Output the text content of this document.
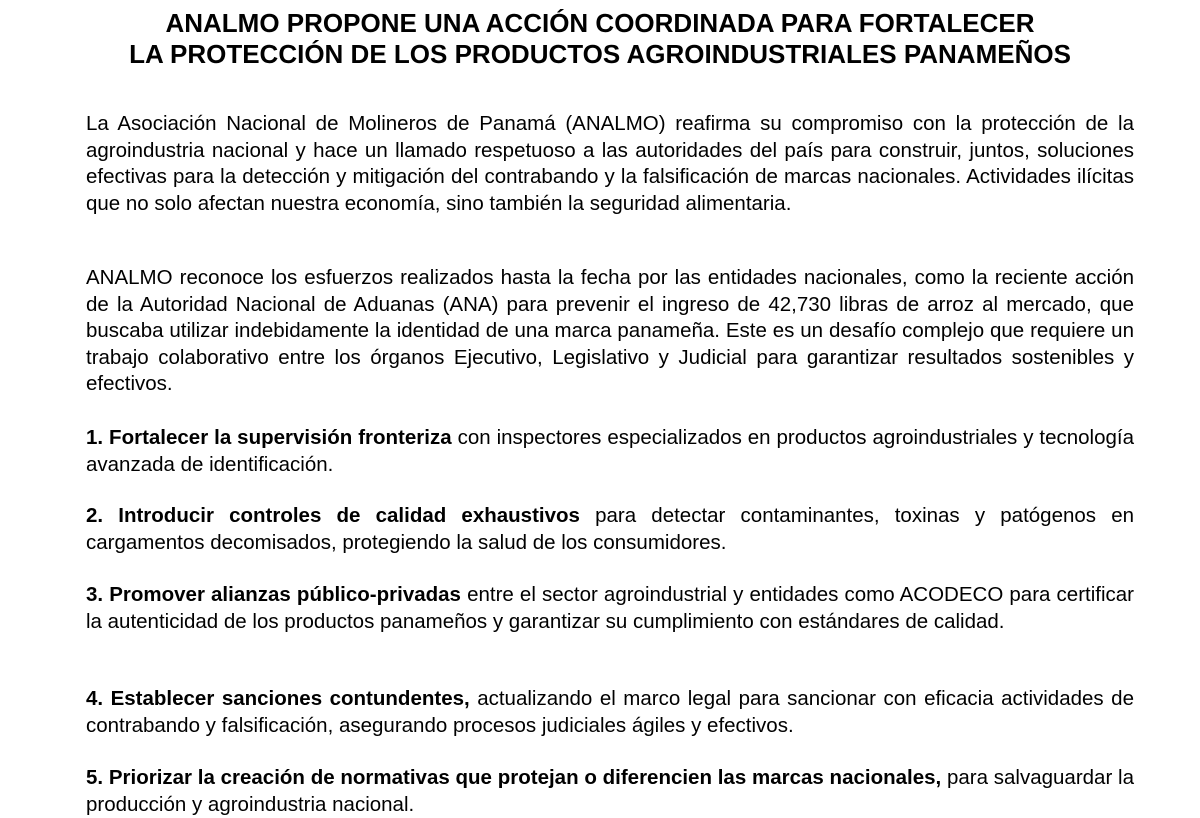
ANALMO PROPONE UNA ACCIÓN COORDINADA PARA FORTALECER
LA PROTECCIÓN DE LOS PRODUCTOS AGROINDUSTRIALES PANAMEÑOS

La Asociación Nacional de Molineros de Panamá (ANALMO) reafirma su compromiso con la protección de la agroindustria nacional y hace un llamado respetuoso a las autoridades del país para construir, juntos, soluciones efectivas para la detección y mitigación del contrabando y la falsificación de marcas nacionales. Actividades ilícitas que no solo afectan nuestra economía, sino también la seguridad alimentaria.

ANALMO reconoce los esfuerzos realizados hasta la fecha por las entidades nacionales, como la reciente acción de la Autoridad Nacional de Aduanas (ANA) para prevenir el ingreso de 42,730 libras de arroz al mercado, que buscaba utilizar indebidamente la identidad de una marca panameña. Este es un desafío complejo que requiere un trabajo colaborativo entre los órganos Ejecutivo, Legislativo y Judicial para garantizar resultados sostenibles y efectivos.

1. Fortalecer la supervisión fronteriza con inspectores especializados en productos agroindustriales y tecnología avanzada de identificación.

2. Introducir controles de calidad exhaustivos para detectar contaminantes, toxinas y patógenos en cargamentos decomisados, protegiendo la salud de los consumidores.

3. Promover alianzas público-privadas entre el sector agroindustrial y entidades como ACODECO para certificar la autenticidad de los productos panameños y garantizar su cumplimiento con estándares de calidad.

4. Establecer sanciones contundentes, actualizando el marco legal para sancionar con eficacia actividades de contrabando y falsificación, asegurando procesos judiciales ágiles y efectivos.

5. Priorizar la creación de normativas que protejan o diferencien las marcas nacionales, para salvaguardar la producción y agroindustria nacional.
